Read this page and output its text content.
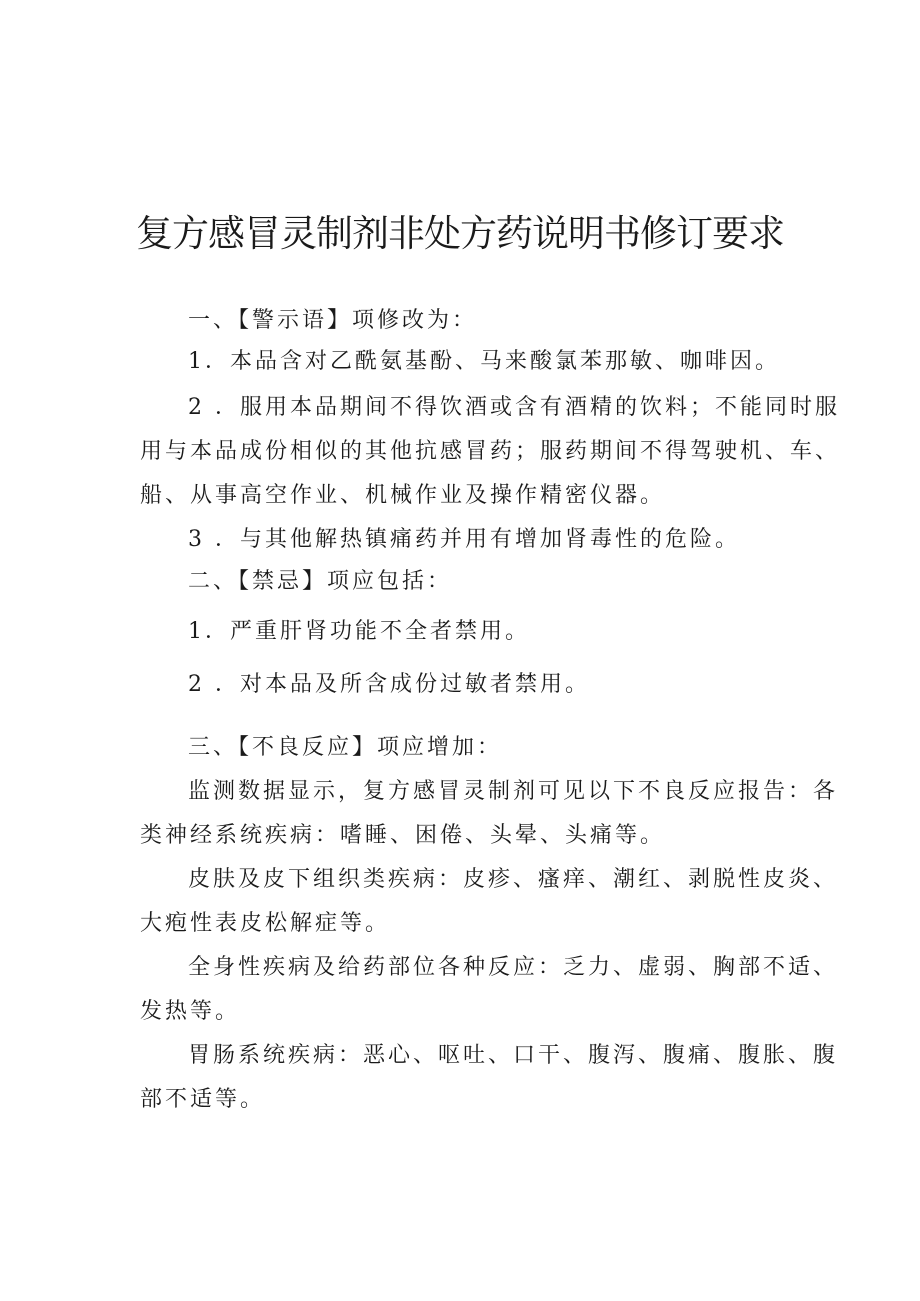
复方感冒灵制剂非处方药说明书修订要求

一、【警示语】项修改为：

1．本品含对乙酰氨基酚、马来酸氯苯那敏、咖啡因。

2 ．服用本品期间不得饮酒或含有酒精的饮料；不能同时服

用与本品成份相似的其他抗感冒药；服药期间不得驾驶机、车、

船、从事高空作业、机械作业及操作精密仪器。

3 ．与其他解热镇痛药并用有增加肾毒性的危险。

二、【禁忌】项应包括：

1．严重肝肾功能不全者禁用。

2 ．对本品及所含成份过敏者禁用。

三、【不良反应】项应增加：

监测数据显示，复方感冒灵制剂可见以下不良反应报告：各

类神经系统疾病：嗜睡、困倦、头晕、头痛等。

皮肤及皮下组织类疾病：皮疹、瘙痒、潮红、剥脱性皮炎、

大疱性表皮松解症等。

全身性疾病及给药部位各种反应：乏力、虚弱、胸部不适、

发热等。

胃肠系统疾病：恶心、呕吐、口干、腹泻、腹痛、腹胀、腹

部不适等。
